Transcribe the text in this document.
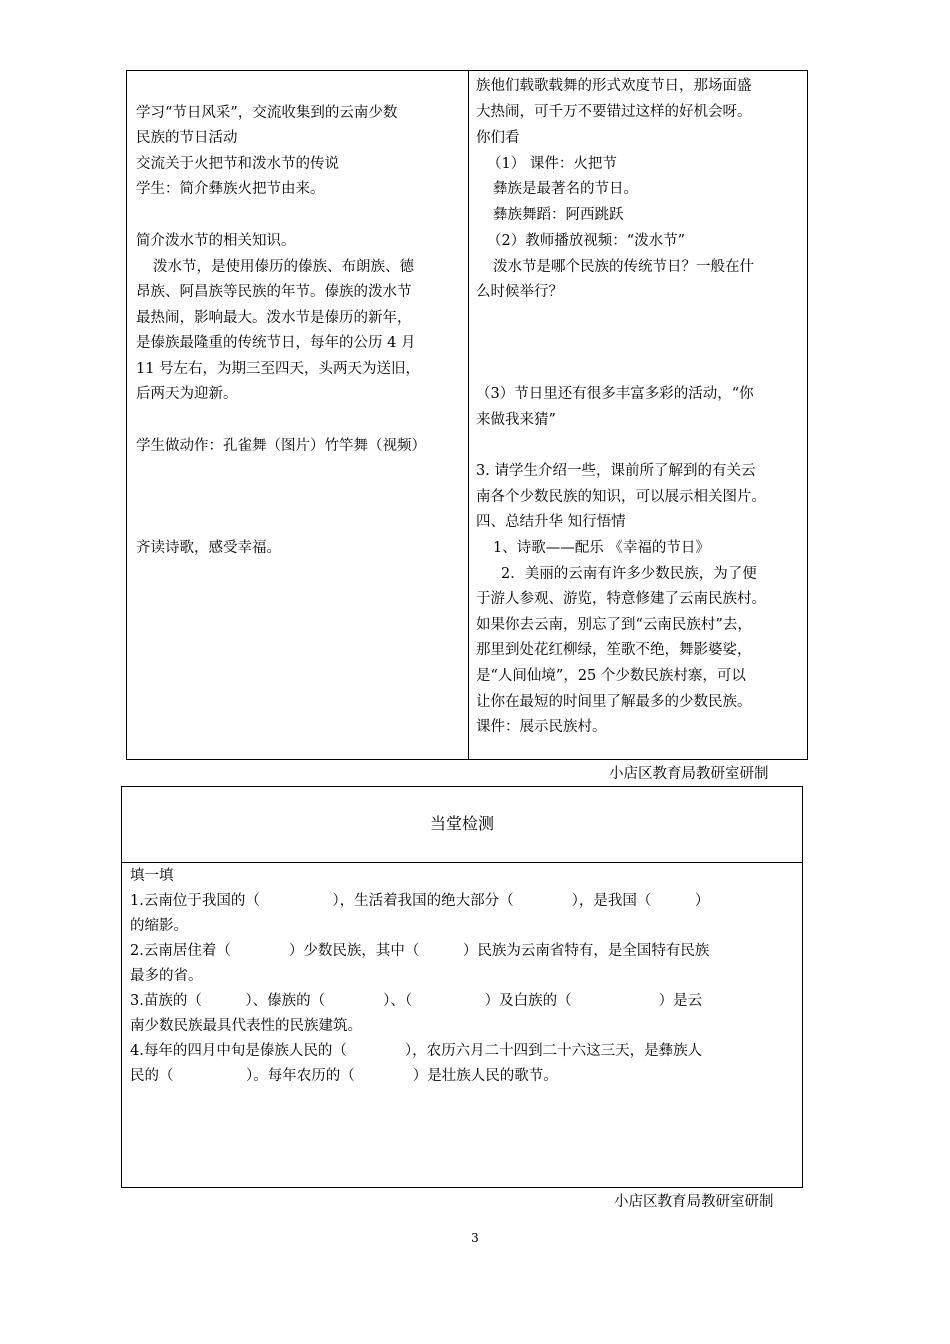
学习“节日风采”，交流收集到的云南少数
民族的节日活动
交流关于火把节和泼水节的传说
学生：简介彝族火把节由来。
简介泼水节的相关知识。
泼水节，是使用傣历的傣族、布朗族、德
昂族、阿昌族等民族的年节。傣族的泼水节
最热闹，影响最大。泼水节是傣历的新年，
是傣族最隆重的传统节日，每年的公历 4 月
11 号左右，为期三至四天，头两天为送旧，
后两天为迎新。
学生做动作：孔雀舞（图片）竹竿舞（视频）
齐读诗歌，感受幸福。
族他们载歌载舞的形式欢度节日，那场面盛
大热闹，可千万不要错过这样的好机会呀。
你们看
（1） 课件：火把节
彝族是最著名的节日。
彝族舞蹈：阿西跳跃
（2）教师播放视频：“泼水节”
泼水节是哪个民族的传统节日？一般在什
么时候举行？
（3）节日里还有很多丰富多彩的活动，“你
来做我来猜”
3. 请学生介绍一些，课前所了解到的有关云
南各个少数民族的知识，可以展示相关图片。
四、总结升华 知行悟情
1、诗歌——配乐 《幸福的节日》
2．美丽的云南有许多少数民族，为了便
于游人参观、游览，特意修建了云南民族村。
如果你去云南，别忘了到“云南民族村”去，
那里到处花红柳绿，笙歌不绝，舞影婆娑，
是“人间仙境”，25 个少数民族村寨，可以
让你在最短的时间里了解最多的少数民族。
课件：展示民族村。
小店区教育局教研室研制
当堂检测
填一填
1.云南位于我国的（　　　　　），生活着我国的绝大部分（　　　　），是我国（　　　）
的缩影。
2.云南居住着（　　　　）少数民族，其中（　　　）民族为云南省特有，是全国特有民族
最多的省。
3.苗族的（　　　）、傣族的（　　　　）、（　　　　　）及白族的（　　　　　　）是云
南少数民族最具代表性的民族建筑。
4.每年的四月中旬是傣族人民的（　　　　），农历六月二十四到二十六这三天，是彝族人
民的（　　　　　）。每年农历的（　　　　）是壮族人民的歌节。
小店区教育局教研室研制
3
